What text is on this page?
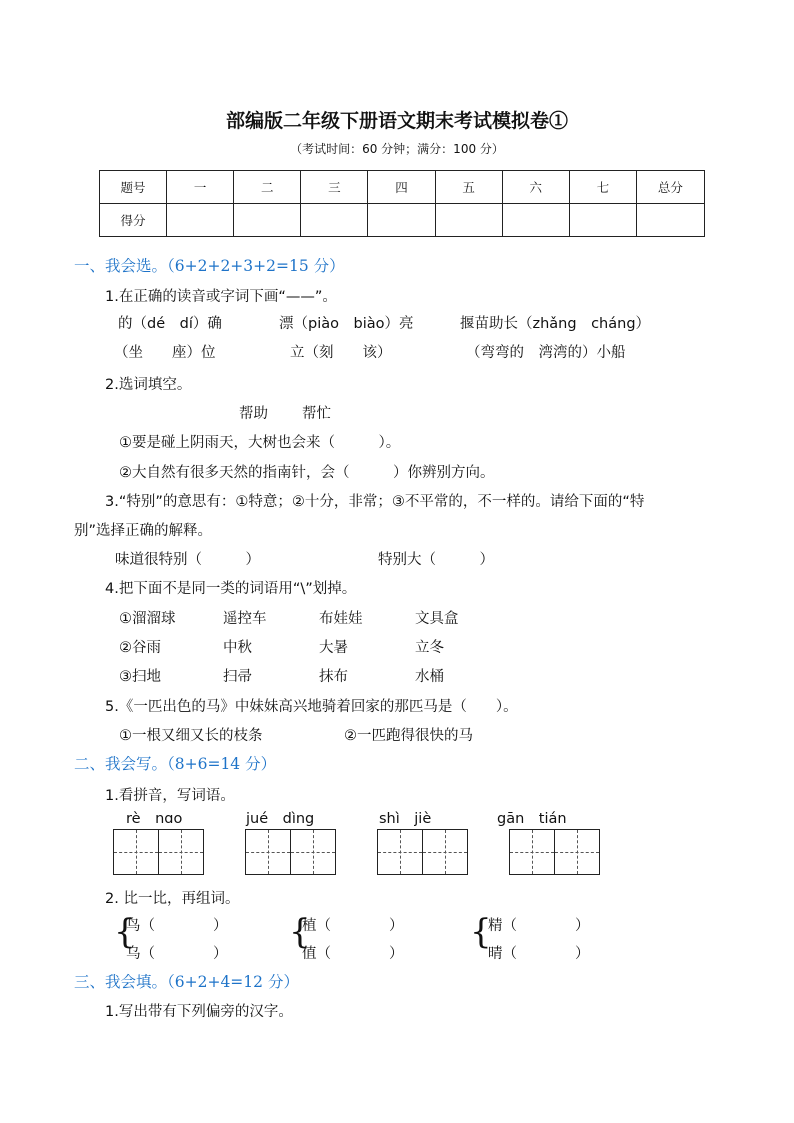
部编版二年级下册语文期末考试模拟卷①
（考试时间：60 分钟；满分：100 分）
题号	一	二	三	四	五	六	七	总分
得分								
一、我会选。（6+2+2+3+2=15 分）
1.在正确的读音或字词下画“——”。
的（dé　dí）确	漂（piào　biào）亮	揠苗助长（zhǎng　cháng）
（坐　　座）位	立（刻　　该）	（弯弯的　湾湾的）小船
2.选词填空。
帮助 帮忙
①要是碰上阴雨天，大树也会来（　　　）。
②大自然有很多天然的指南针，会（　　　）你辨别方向。
3.“特别”的意思有：①特意；②十分，非常；③不平常的，不一样的。请给下面的“特
别”选择正确的解释。
味道很特别（　　　）	特别大（　　　）
4.把下面不是同一类的词语用“\”划掉。
①溜溜球	遥控车	布娃娃	文具盒
②谷雨	中秋	大暑	立冬
③扫地	扫帚	抹布	水桶
5.《一匹出色的马》中妹妹高兴地骑着回家的那匹马是（　　）。
①一根又细又长的枝条	②一匹跑得很快的马
二、我会写。（8+6=14 分）
1.看拼音，写词语。
rè　nɑo	jué　dìng	shì　jiè	gān　tián
2. 比一比，再组词。
{
鸟（　　　　）
乌（　　　　）
{
植（　　　　）
值（　　　　）
{
精（　　　　）
晴（　　　　）
三、我会填。（6+2+4=12 分）
1.写出带有下列偏旁的汉字。
